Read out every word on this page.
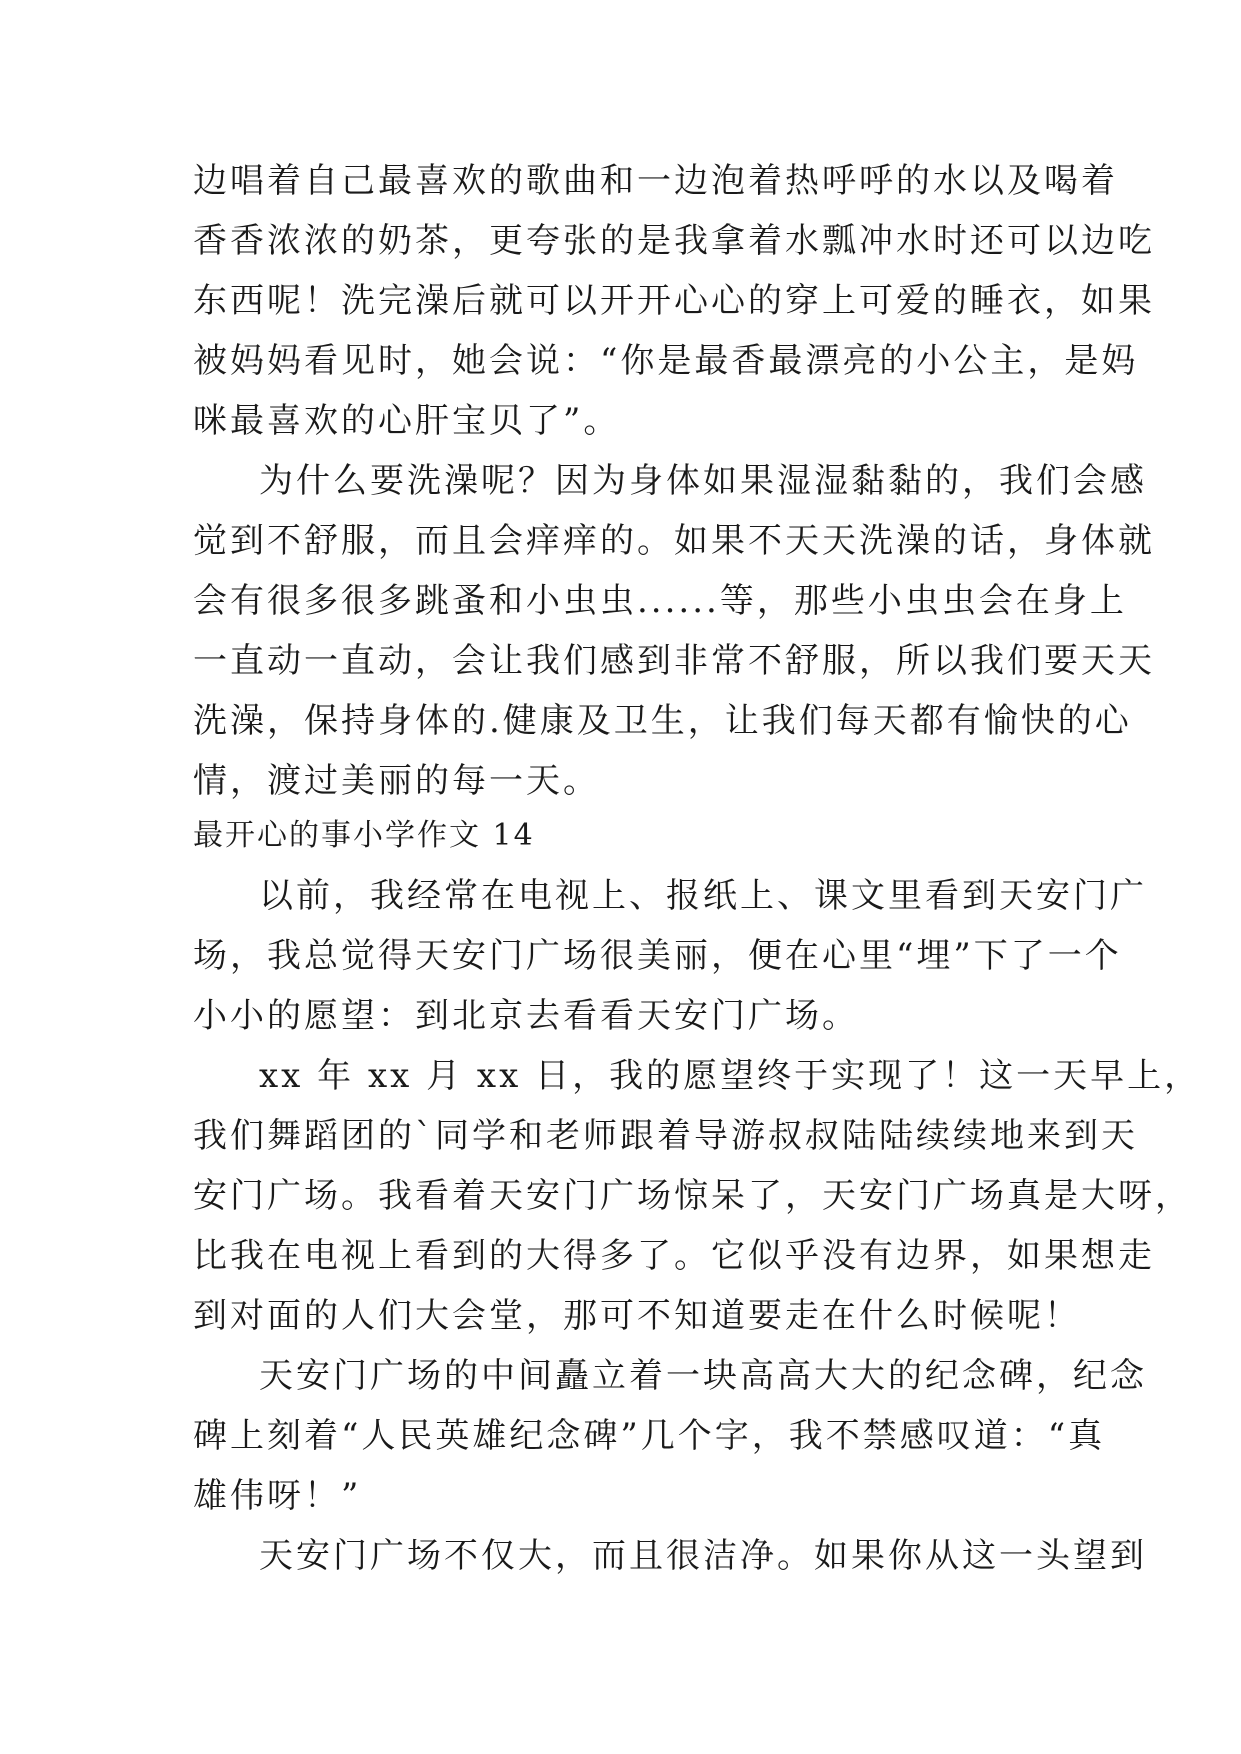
边唱着自己最喜欢的歌曲和一边泡着热呼呼的水以及喝着
香香浓浓的奶茶，更夸张的是我拿着水瓢冲水时还可以边吃
东西呢！洗完澡后就可以开开心心的穿上可爱的睡衣，如果
被妈妈看见时，她会说：“你是最香最漂亮的小公主，是妈
咪最喜欢的心肝宝贝了”。
为什么要洗澡呢？因为身体如果湿湿黏黏的，我们会感
觉到不舒服，而且会痒痒的。如果不天天洗澡的话，身体就
会有很多很多跳蚤和小虫虫......等，那些小虫虫会在身上
一直动一直动，会让我们感到非常不舒服，所以我们要天天
洗澡，保持身体的.健康及卫生，让我们每天都有愉快的心
情，渡过美丽的每一天。
最开心的事小学作文 14
以前，我经常在电视上、报纸上、课文里看到天安门广
场，我总觉得天安门广场很美丽，便在心里“埋”下了一个
小小的愿望：到北京去看看天安门广场。
xx 年 xx 月 xx 日，我的愿望终于实现了！这一天早上，
我们舞蹈团的`同学和老师跟着导游叔叔陆陆续续地来到天
安门广场。我看着天安门广场惊呆了，天安门广场真是大呀，
比我在电视上看到的大得多了。它似乎没有边界，如果想走
到对面的人们大会堂，那可不知道要走在什么时候呢！
天安门广场的中间矗立着一块高高大大的纪念碑，纪念
碑上刻着“人民英雄纪念碑”几个字，我不禁感叹道：“真
雄伟呀！”
天安门广场不仅大，而且很洁净。如果你从这一头望到
